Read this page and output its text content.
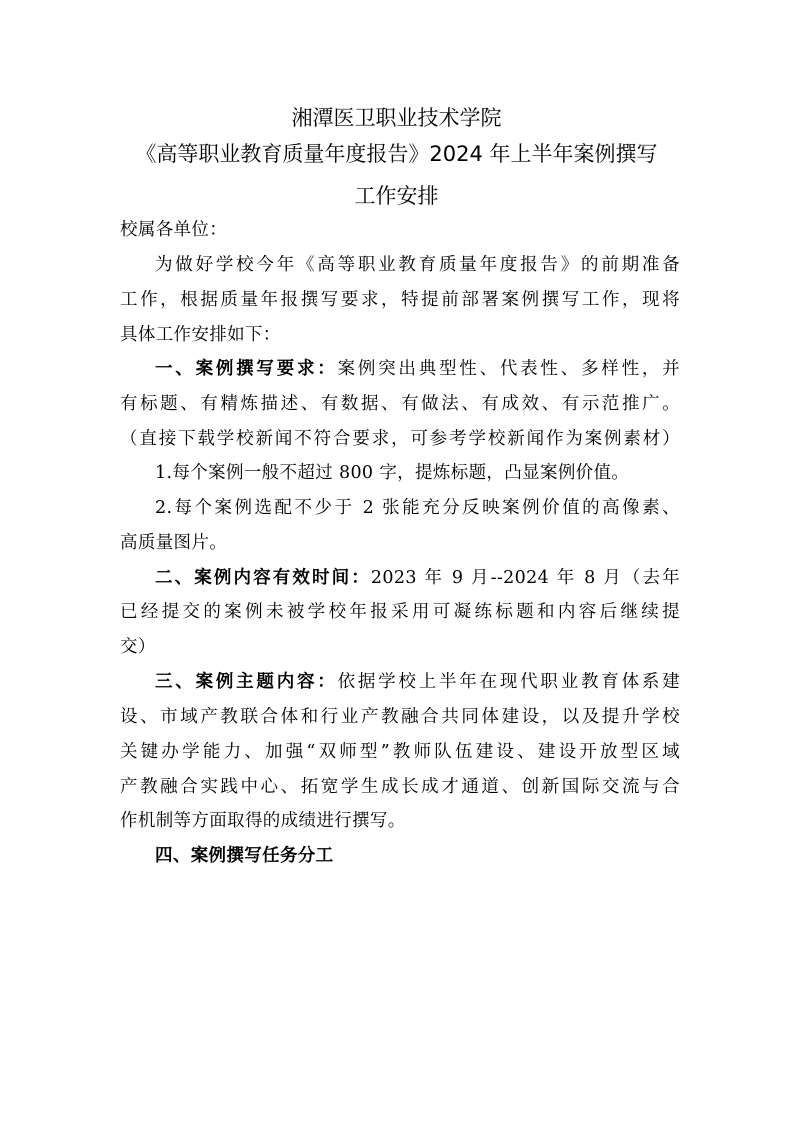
湘潭医卫职业技术学院
《高等职业教育质量年度报告》2024 年上半年案例撰写
工作安排
校属各单位：
为做好学校今年《高等职业教育质量年度报告》的前期准备
工作，根据质量年报撰写要求，特提前部署案例撰写工作，现将
具体工作安排如下：
一、案例撰写要求：案例突出典型性、代表性、多样性，并
有标题、有精炼描述、有数据、有做法、有成效、有示范推广。
（直接下载学校新闻不符合要求，可参考学校新闻作为案例素材）
1.每个案例一般不超过 800 字，提炼标题，凸显案例价值。
2.每个案例选配不少于 2 张能充分反映案例价值的高像素、
高质量图片。
二、案例内容有效时间：2023 年 9 月--2024 年 8 月（去年
已经提交的案例未被学校年报采用可凝练标题和内容后继续提
交）
三、案例主题内容：依据学校上半年在现代职业教育体系建
设、市域产教联合体和行业产教融合共同体建设，以及提升学校
关键办学能力、加强“双师型”教师队伍建设、建设开放型区域
产教融合实践中心、拓宽学生成长成才通道、创新国际交流与合
作机制等方面取得的成绩进行撰写。
四、案例撰写任务分工
